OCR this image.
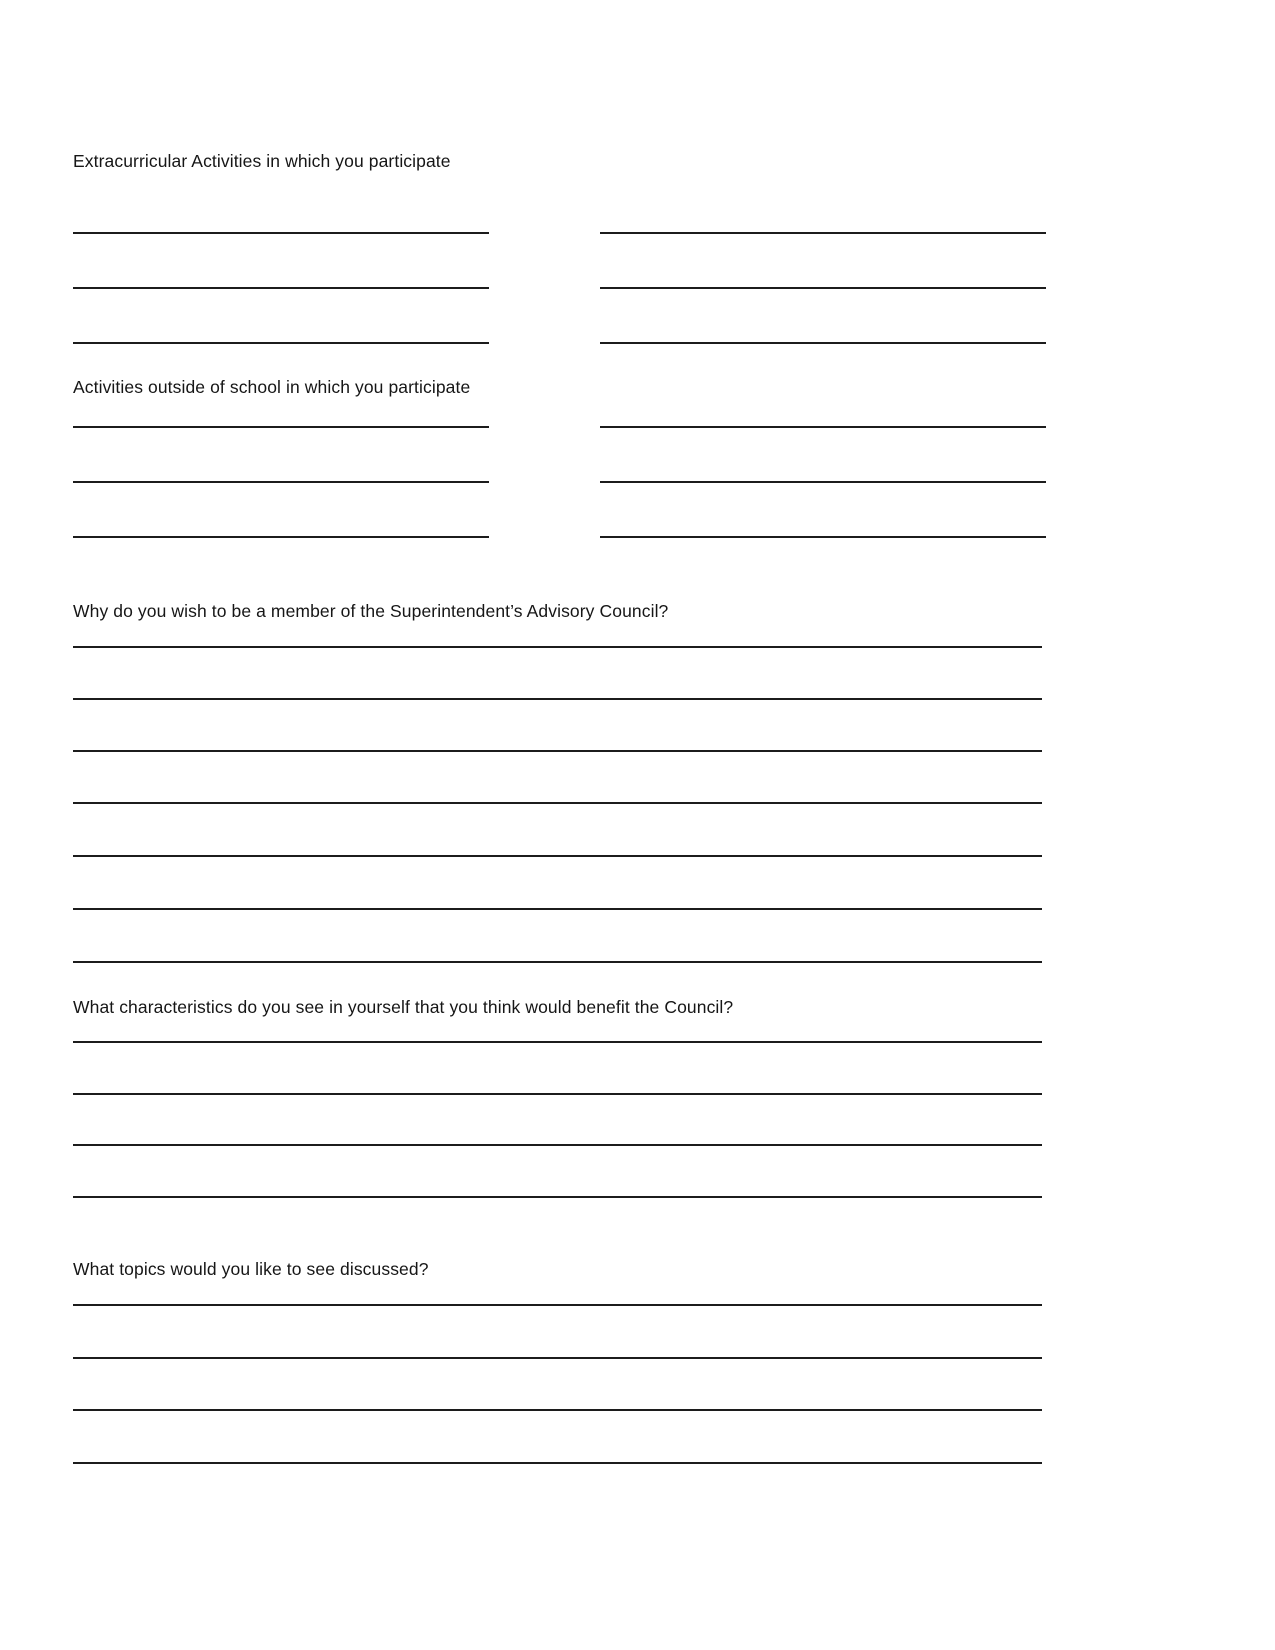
Extracurricular Activities in which you participate
Activities outside of school in which you participate
Why do you wish to be a member of the Superintendent’s Advisory Council?
What characteristics do you see in yourself that you think would benefit the Council?
What topics would you like to see discussed?
